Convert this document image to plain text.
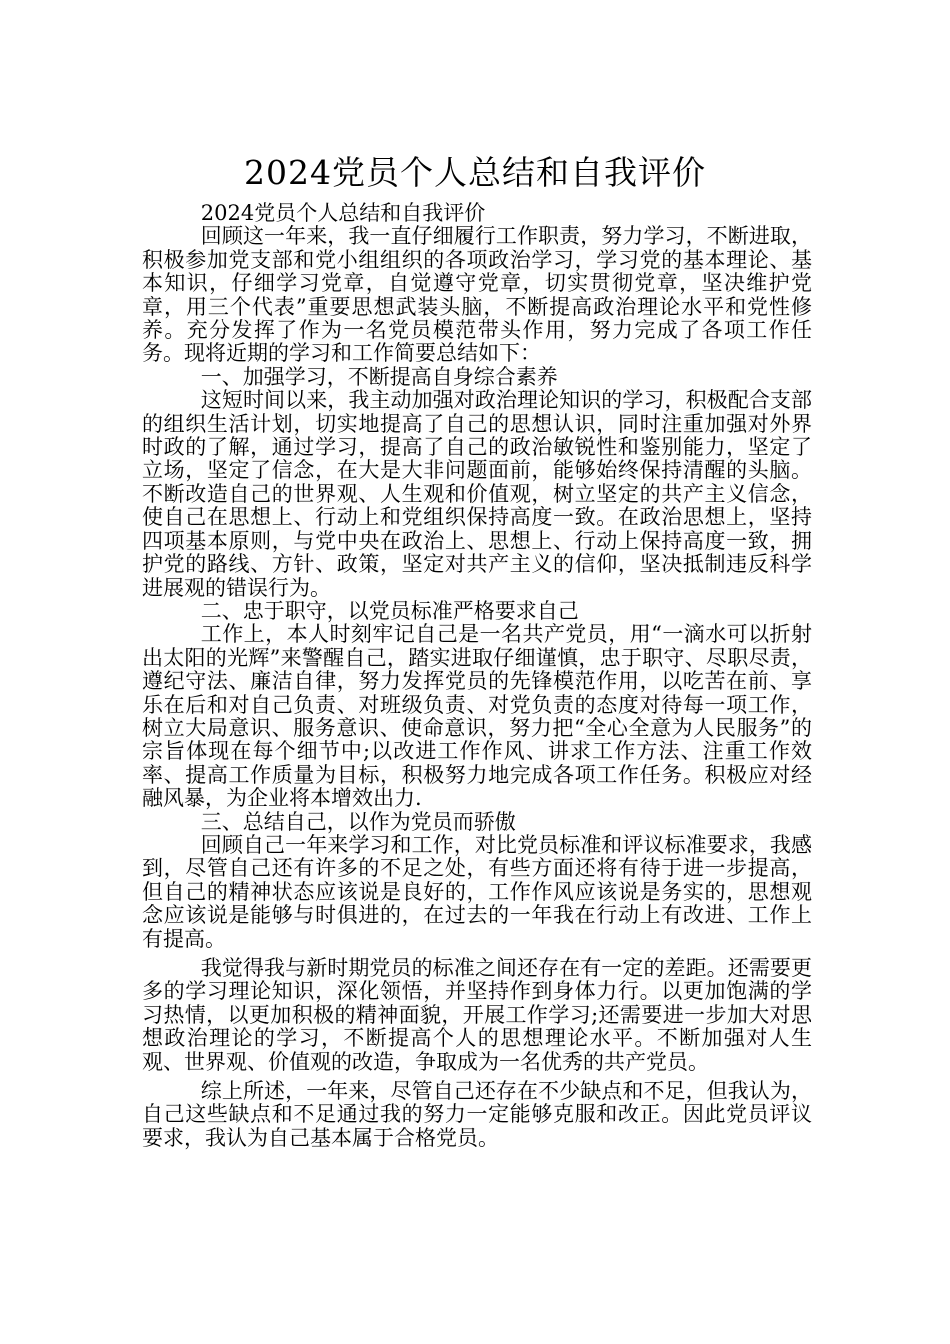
2024党员个人总结和自我评价

2024党员个人总结和自我评价

回顾这一年来，我一直仔细履行工作职责，努力学习，不断进取，积极参加党支部和党小组组织的各项政治学习，学习党的基本理论、基本知识，仔细学习党章，自觉遵守党章，切实贯彻党章，坚决维护党章，用三个代表”重要思想武装头脑，不断提高政治理论水平和党性修养。充分发挥了作为一名党员模范带头作用，努力完成了各项工作任务。现将近期的学习和工作简要总结如下：

一、加强学习，不断提高自身综合素养

这短时间以来，我主动加强对政治理论知识的学习，积极配合支部的组织生活计划，切实地提高了自己的思想认识，同时注重加强对外界时政的了解，通过学习，提高了自己的政治敏锐性和鉴别能力，坚定了立场，坚定了信念，在大是大非问题面前，能够始终保持清醒的头脑。不断改造自己的世界观、人生观和价值观，树立坚定的共产主义信念，使自己在思想上、行动上和党组织保持高度一致。在政治思想上，坚持四项基本原则，与党中央在政治上、思想上、行动上保持高度一致，拥护党的路线、方针、政策，坚定对共产主义的信仰，坚决抵制违反科学进展观的错误行为。

二、忠于职守，以党员标准严格要求自己

工作上，本人时刻牢记自己是一名共产党员，用“一滴水可以折射出太阳的光辉”来警醒自己，踏实进取仔细谨慎，忠于职守、尽职尽责，遵纪守法、廉洁自律，努力发挥党员的先锋模范作用，以吃苦在前、享乐在后和对自己负责、对班级负责、对党负责的态度对待每一项工作，树立大局意识、服务意识、使命意识，努力把“全心全意为人民服务”的宗旨体现在每个细节中;以改进工作作风、讲求工作方法、注重工作效率、提高工作质量为目标，积极努力地完成各项工作任务。积极应对经融风暴，为企业将本增效出力.

三、总结自己，以作为党员而骄傲

回顾自己一年来学习和工作，对比党员标准和评议标准要求，我感到，尽管自己还有许多的不足之处，有些方面还将有待于进一步提高，但自己的精神状态应该说是良好的，工作作风应该说是务实的，思想观念应该说是能够与时俱进的，在过去的一年我在行动上有改进、工作上有提高。

我觉得我与新时期党员的标准之间还存在有一定的差距。还需要更多的学习理论知识，深化领悟，并坚持作到身体力行。以更加饱满的学习热情，以更加积极的精神面貌，开展工作学习;还需要进一步加大对思想政治理论的学习，不断提高个人的思想理论水平。不断加强对人生观、世界观、价值观的改造，争取成为一名优秀的共产党员。

综上所述，一年来，尽管自己还存在不少缺点和不足，但我认为，自己这些缺点和不足通过我的努力一定能够克服和改正。因此党员评议要求，我认为自己基本属于合格党员。
